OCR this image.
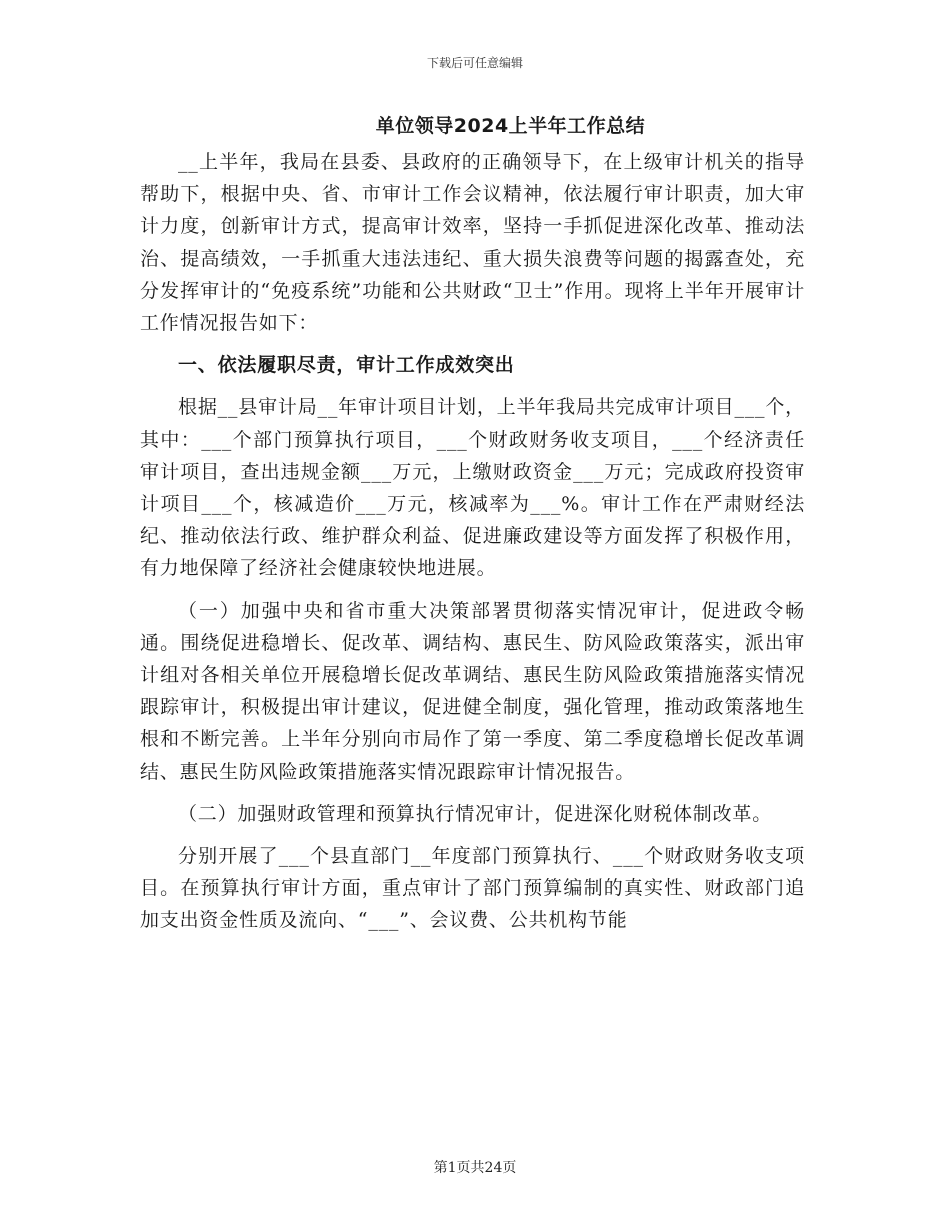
下载后可任意编辑
单位领导2024上半年工作总结

__上半年，我局在县委、县政府的正确领导下，在上级审计机关的指导帮助下，根据中央、省、市审计工作会议精神，依法履行审计职责，加大审计力度，创新审计方式，提高审计效率，坚持一手抓促进深化改革、推动法治、提高绩效，一手抓重大违法违纪、重大损失浪费等问题的揭露查处，充分发挥审计的“免疫系统”功能和公共财政“卫士”作用。现将上半年开展审计工作情况报告如下：

一、依法履职尽责，审计工作成效突出

根据__县审计局__年审计项目计划，上半年我局共完成审计项目___个，其中：___个部门预算执行项目，___个财政财务收支项目，___个经济责任审计项目，查出违规金额___万元，上缴财政资金___万元；完成政府投资审计项目___个，核减造价___万元，核减率为___%。审计工作在严肃财经法纪、推动依法行政、维护群众利益、促进廉政建设等方面发挥了积极作用，有力地保障了经济社会健康较快地进展。

（一）加强中央和省市重大决策部署贯彻落实情况审计，促进政令畅通。围绕促进稳增长、促改革、调结构、惠民生、防风险政策落实，派出审计组对各相关单位开展稳增长促改革调结、惠民生防风险政策措施落实情况跟踪审计，积极提出审计建议，促进健全制度，强化管理，推动政策落地生根和不断完善。上半年分别向市局作了第一季度、第二季度稳增长促改革调结、惠民生防风险政策措施落实情况跟踪审计情况报告。

（二）加强财政管理和预算执行情况审计，促进深化财税体制改革。

分别开展了___个县直部门__年度部门预算执行、___个财政财务收支项目。在预算执行审计方面，重点审计了部门预算编制的真实性、财政部门追加支出资金性质及流向、“___”、会议费、公共机构节能

第1页共24页
